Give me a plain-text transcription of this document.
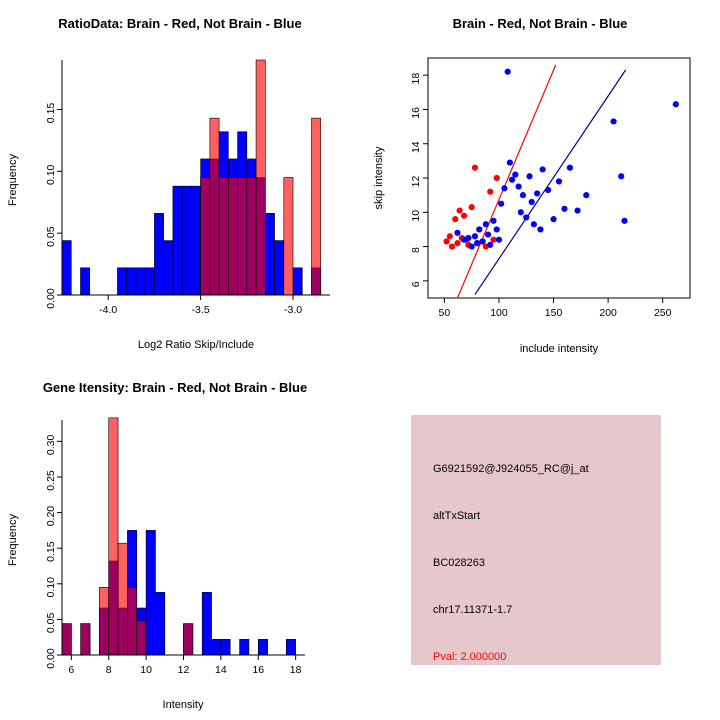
RatioData: Brain - Red, Not Brain - Blue
-4.0	-3.5	-3.0
0.00
0.05
0.10
0.15
Log2 Ratio Skip/Include
Frequency
Brain - Red, Not Brain - Blue
50	100	150	200	250
6
8
10
12
14
16
18
include intensity
skip intensity
Gene Itensity: Brain - Red, Not Brain - Blue
6	8	10 12 14 16 18
0.00
0.05
0.10
0.15
0.20
0.25
0.30
Intensity
Frequency
G6921592@J924055_RC@j_at
altTxStart
BC028263
chr17.11371-1.7
Pval: 2.000000
